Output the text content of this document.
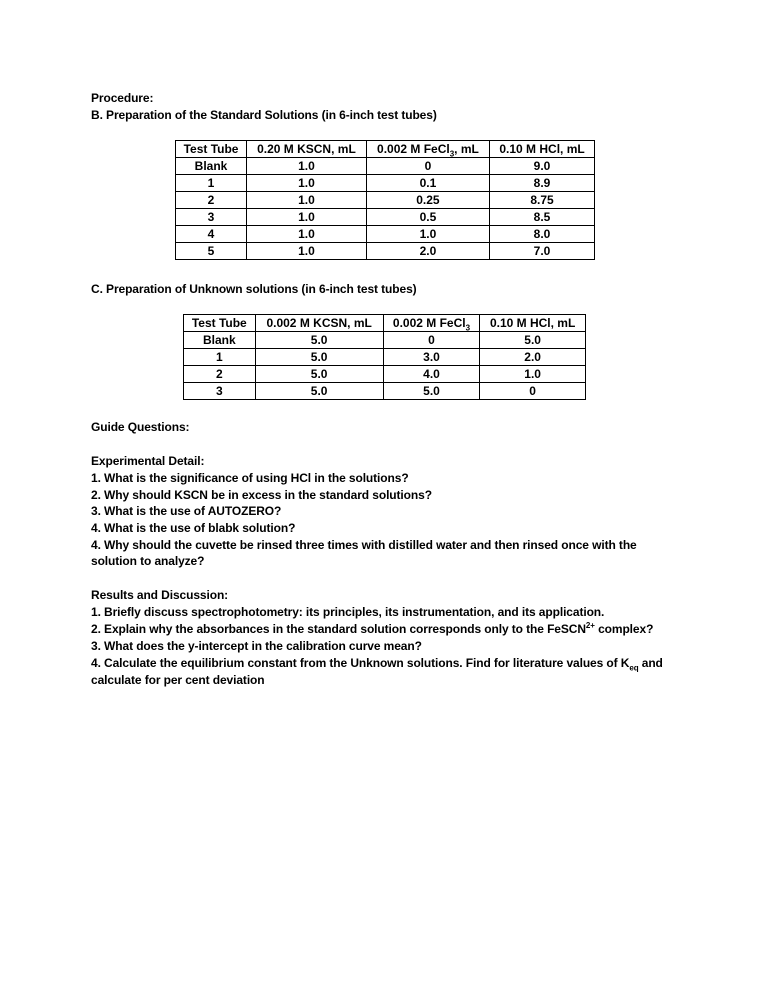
Procedure:
B. Preparation of the Standard Solutions (in 6-inch test tubes)
Test Tube	0.20 M KSCN, mL	0.002 M FeCl$_3$, mL	0.10 M HCl, mL
Blank	1.0	0	9.0
1	1.0	0.1	8.9
2	1.0	0.25	8.75
3	1.0	0.5	8.5
4	1.0	1.0	8.0
5	1.0	2.0	7.0
C. Preparation of Unknown solutions (in 6-inch test tubes)
Test Tube	0.002 M KCSN, mL	0.002 M FeCl$_3$	0.10 M HCl, mL
Blank	5.0	0	5.0
1	5.0	3.0	2.0
2	5.0	4.0	1.0
3	5.0	5.0	0
Guide Questions:
Experimental Detail:
1. What is the significance of using HCl in the solutions?
2. Why should KSCN be in excess in the standard solutions?
3. What is the use of AUTOZERO?
4. What is the use of blabk solution?
4. Why should the cuvette be rinsed three times with distilled water and then rinsed once with the
solution to analyze?
Results and Discussion:
1. Briefly discuss spectrophotometry: its principles, its instrumentation, and its application.
2. Explain why the absorbances in the standard solution corresponds only to the FeSCN$^{2+}$ complex?
3. What does the y-intercept in the calibration curve mean?
4. Calculate the equilibrium constant from the Unknown solutions. Find for literature values of $K_{eq}$ and
calculate for per cent deviation
